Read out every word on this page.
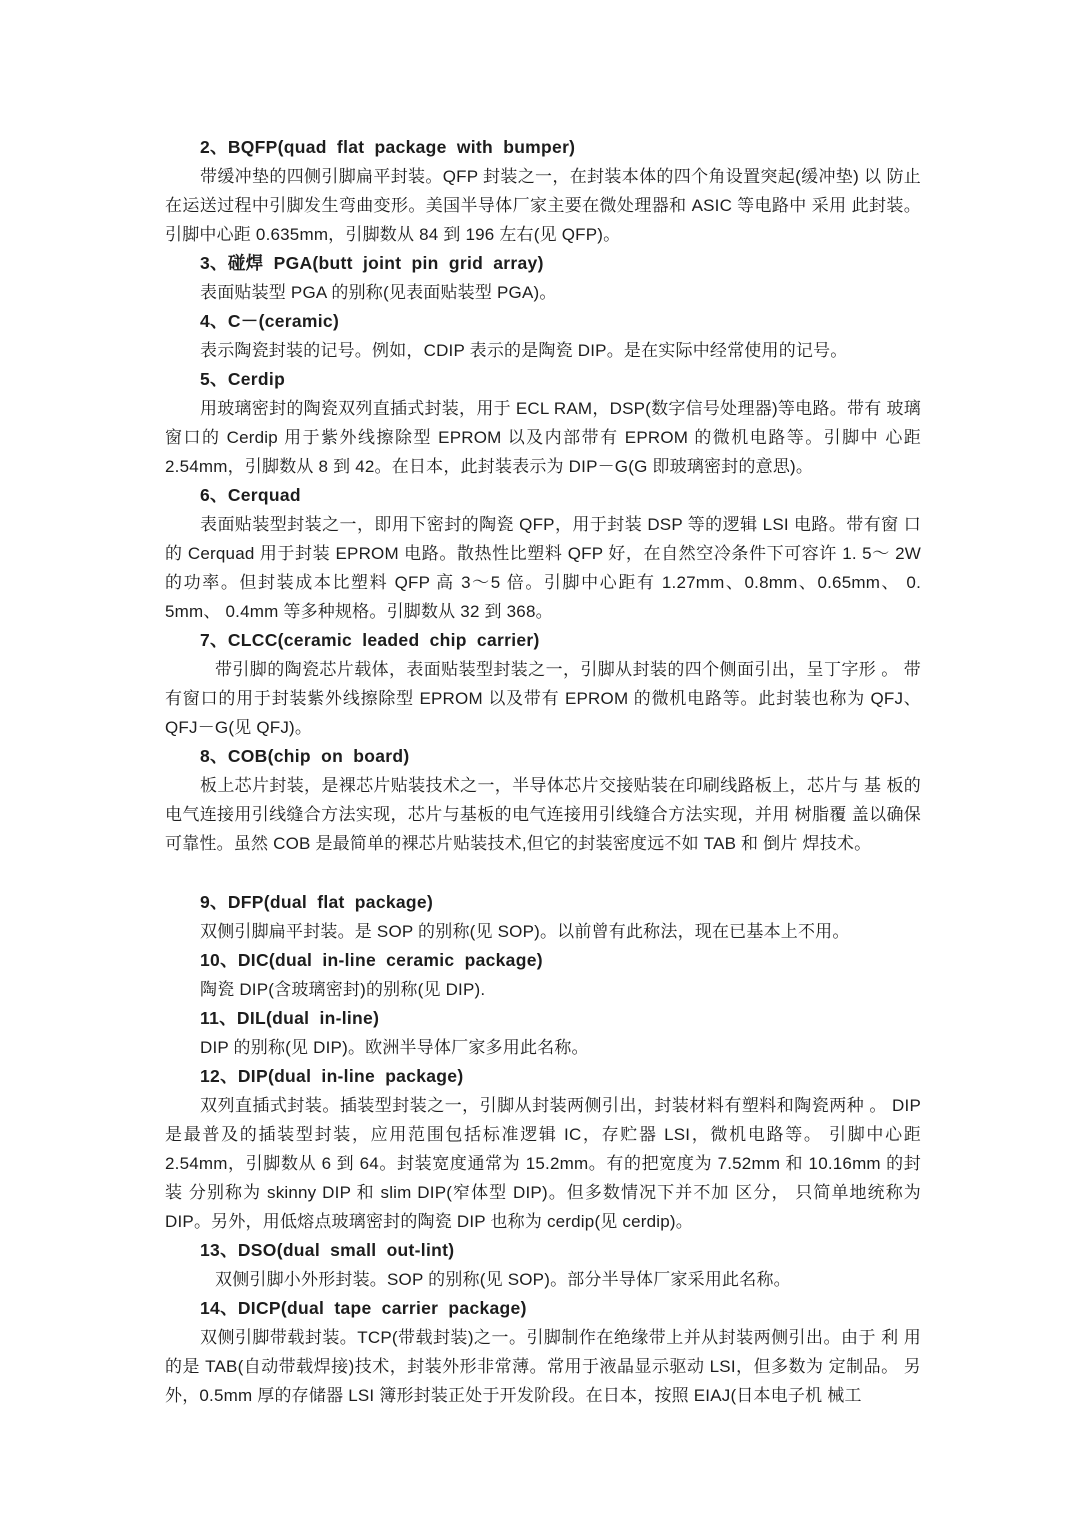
2、BQFP(quad flat package with bumper)

带缓冲垫的四侧引脚扁平封装。QFP 封装之一，在封装本体的四个角设置突起(缓冲垫) 以 防止在运送过程中引脚发生弯曲变形。美国半导体厂家主要在微处理器和 ASIC 等电路中 采用 此封装。引脚中心距 0.635mm，引脚数从 84 到 196 左右(见 QFP)。

3、碰焊 PGA(butt joint pin grid array)

表面贴装型 PGA 的别称(见表面贴装型 PGA)。

4、C－(ceramic)

表示陶瓷封装的记号。例如，CDIP 表示的是陶瓷 DIP。是在实际中经常使用的记号。

5、Cerdip

用玻璃密封的陶瓷双列直插式封装，用于 ECL RAM，DSP(数字信号处理器)等电路。带有 玻璃窗口的 Cerdip 用于紫外线擦除型 EPROM 以及内部带有 EPROM 的微机电路等。引脚中 心距 2.54mm，引脚数从 8 到 42。在日本，此封装表示为 DIP－G(G 即玻璃密封的意思)。

6、Cerquad

表面贴装型封装之一，即用下密封的陶瓷 QFP，用于封装 DSP 等的逻辑 LSI 电路。带有窗 口的 Cerquad 用于封装 EPROM 电路。散热性比塑料 QFP 好，在自然空冷条件下可容许 1. 5～ 2W 的功率。但封装成本比塑料 QFP 高 3～5 倍。引脚中心距有 1.27mm、0.8mm、0.65mm、 0. 5mm、 0.4mm 等多种规格。引脚数从 32 到 368。

7、CLCC(ceramic leaded chip carrier)

带引脚的陶瓷芯片载体，表面贴装型封装之一，引脚从封装的四个侧面引出，呈丁字形 。 带有窗口的用于封装紫外线擦除型 EPROM 以及带有 EPROM 的微机电路等。此封装也称为 QFJ、 QFJ－G(见 QFJ)。

8、COB(chip on board)

板上芯片封装，是裸芯片贴装技术之一，半导体芯片交接贴装在印刷线路板上，芯片与 基 板的电气连接用引线缝合方法实现，芯片与基板的电气连接用引线缝合方法实现，并用 树脂覆 盖以确保可靠性。虽然 COB 是最简单的裸芯片贴装技术,但它的封装密度远不如 TAB 和 倒片 焊技术。

9、DFP(dual flat package)

双侧引脚扁平封装。是 SOP 的别称(见 SOP)。以前曾有此称法，现在已基本上不用。

10、DIC(dual in-line ceramic package)

陶瓷 DIP(含玻璃密封)的别称(见 DIP).

11、DIL(dual in-line)

DIP 的别称(见 DIP)。欧洲半导体厂家多用此名称。

12、DIP(dual in-line package)

双列直插式封装。插装型封装之一，引脚从封装两侧引出，封装材料有塑料和陶瓷两种 。 DIP 是最普及的插装型封装，应用范围包括标准逻辑 IC，存贮器 LSI，微机电路等。 引脚中心距 2.54mm，引脚数从 6 到 64。封装宽度通常为 15.2mm。有的把宽度为 7.52mm 和 10.16mm 的封装 分别称为 skinny DIP 和 slim DIP(窄体型 DIP)。但多数情况下并不加 区分， 只简单地统称为 DIP。另外，用低熔点玻璃密封的陶瓷 DIP 也称为 cerdip(见 cerdip)。

13、DSO(dual small out-lint)

双侧引脚小外形封装。SOP 的别称(见 SOP)。部分半导体厂家采用此名称。

14、DICP(dual tape carrier package)

双侧引脚带载封装。TCP(带载封装)之一。引脚制作在绝缘带上并从封装两侧引出。由于 利 用的是 TAB(自动带载焊接)技术，封装外形非常薄。常用于液晶显示驱动 LSI，但多数为 定制品。 另外，0.5mm 厚的存储器 LSI 簿形封装正处于开发阶段。在日本，按照 EIAJ(日本电子机 械工
